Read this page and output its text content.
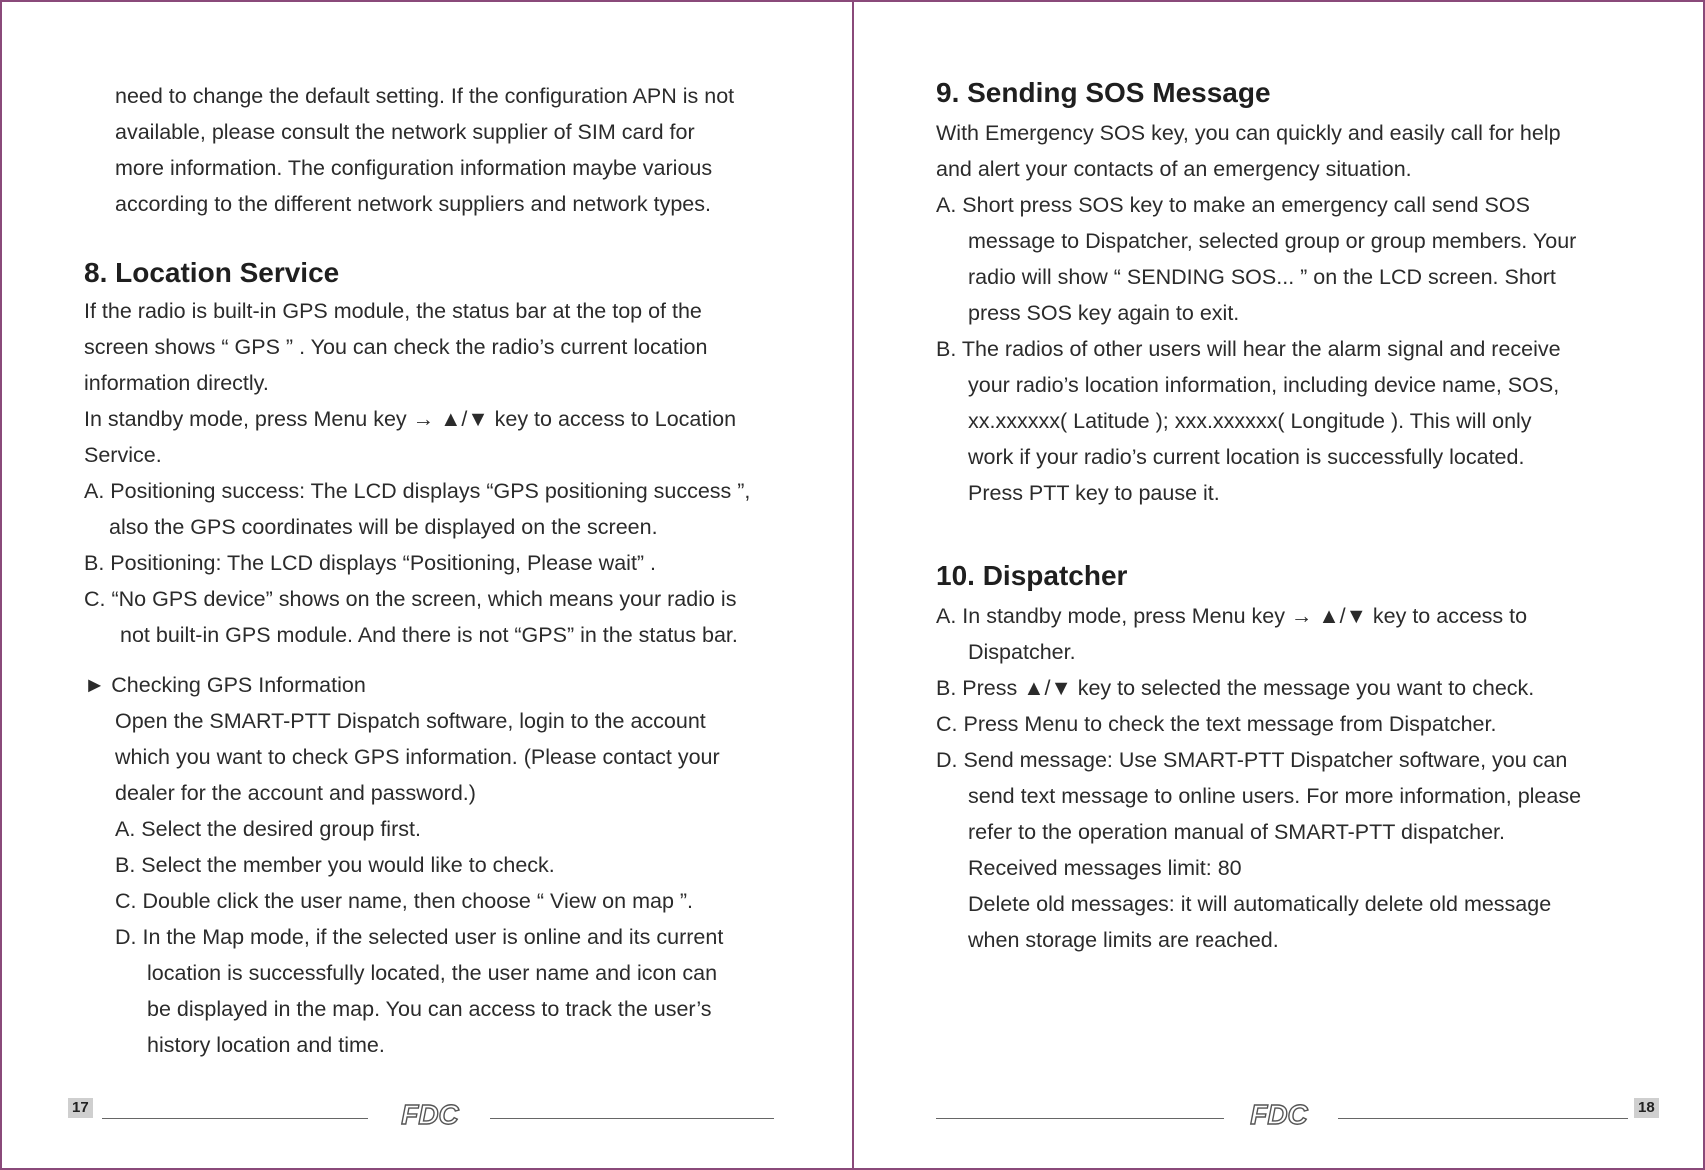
need to change the default setting. If the configuration APN is not
available, please consult the network supplier of SIM card for
more information. The configuration information maybe various
according to the different network suppliers and network types.
8. Location Service
If the radio is built-in GPS module, the status bar at the top of the
screen shows “ GPS ” . You can check the radio’s current location
information directly.
In standby mode, press Menu key → ▲/▼ key to access to Location
Service.
A. Positioning success: The LCD displays “GPS positioning success ”,
also the GPS coordinates will be displayed on the screen.
B. Positioning: The LCD displays “Positioning, Please wait” .
C. “No GPS device” shows on the screen, which means your radio is
not built-in GPS module. And there is not “GPS” in the status bar.
► Checking GPS Information
Open the SMART-PTT Dispatch software, login to the account
which you want to check GPS information. (Please contact your
dealer for the account and password.)
A. Select the desired group first.
B. Select the member you would like to check.
C. Double click the user name, then choose “ View on map ”.
D. In the Map mode, if the selected user is online and its current
location is successfully located, the user name and icon can
be displayed in the map. You can access to track the user’s
history location and time.
17	FDC
9. Sending SOS Message
With Emergency SOS key, you can quickly and easily call for help
and alert your contacts of an emergency situation.
A. Short press SOS key to make an emergency call send SOS
message to Dispatcher, selected group or group members. Your
radio will show “ SENDING SOS... ” on the LCD screen. Short
press SOS key again to exit.
B. The radios of other users will hear the alarm signal and receive
your radio’s location information, including device name, SOS,
xx.xxxxxx( Latitude ); xxx.xxxxxx( Longitude ). This will only
work if your radio’s current location is successfully located.
Press PTT key to pause it.
10. Dispatcher
A. In standby mode, press Menu key → ▲/▼ key to access to
Dispatcher.
B. Press ▲/▼ key to selected the message you want to check.
C. Press Menu to check the text message from Dispatcher.
D. Send message: Use SMART-PTT Dispatcher software, you can
send text message to online users. For more information, please
refer to the operation manual of SMART-PTT dispatcher.
Received messages limit: 80
Delete old messages: it will automatically delete old message
when storage limits are reached.
FDC	18
